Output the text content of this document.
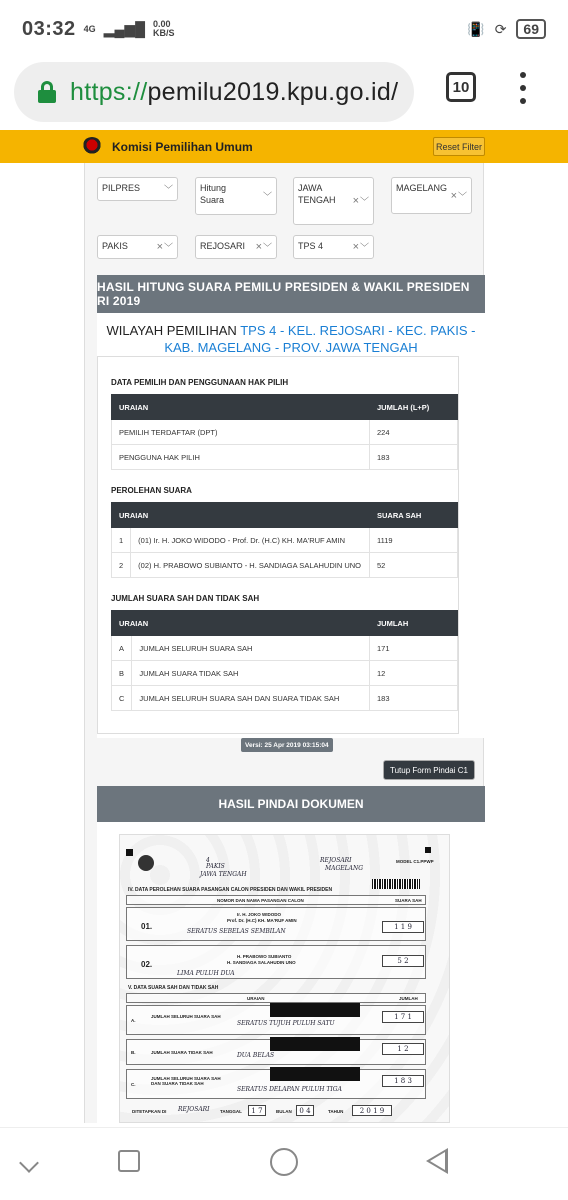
03:32 4G ▂▄▆█ 0.00
KB/S	📳 ⟳	69
https://pemilu2019.kpu.go.id/	10
Komisi Pemilihan Umum	Reset Filter
PILPRES	﹀	Hitung Suara	﹀
JAWA TENGAH	× ﹀
MAGELANG
× ﹀
PAKIS	× ﹀	REJOSARI × ﹀	TPS 4	× ﹀
HASIL HITUNG SUARA PEMILU PRESIDEN & WAKIL PRESIDEN RI 2019
WILAYAH PEMILIHAN TPS 4 - KEL. REJOSARI - KEC. PAKIS -
KAB. MAGELANG - PROV. JAWA TENGAH
DATA PEMILIH DAN PENGGUNAAN HAK PILIH
URAIAN	JUMLAH (L+P)
PEMILIH TERDAFTAR (DPT)	224
PENGGUNA HAK PILIH	183
PEROLEHAN SUARA
URAIAN		SUARA SAH
1	(01) Ir. H. JOKO WIDODO - Prof. Dr. (H.C) KH. MA'RUF AMIN	1119
2	(02) H. PRABOWO SUBIANTO - H. SANDIAGA SALAHUDIN UNO	52
JUMLAH SUARA SAH DAN TIDAK SAH
URAIAN		JUMLAH
A	JUMLAH SELURUH SUARA SAH	171
B	JUMLAH SUARA TIDAK SAH	12
C	JUMLAH SELURUH SUARA SAH DAN SUARA TIDAK SAH	183
Versi: 25 Apr 2019 03:15:04
Tutup Form Pindai C1
HASIL PINDAI DOKUMEN
4
PAKIS
JAWA TENGAH
REJOSARI
MAGELANG
MODEL C1.PPWP
IV. DATA PEROLEHAN SUARA PASANGAN CALON PRESIDEN DAN WAKIL PRESIDEN
NOMOR DAN NAMA PASANGAN CALON	SUARA SAH
01.
Ir. H. JOKO WIDODO
Prof. Dr. (H.C) KH. MA'RUF AMIN
SERATUS SEBELAS SEMBILAN
1 1 9
02.
H. PRABOWO SUBIANTO
H. SANDIAGA SALAHUDIN UNO
LIMA PULUH DUA
5 2
V. DATA SUARA SAH DAN TIDAK SAH
URAIAN	JUMLAH
A.
JUMLAH SELURUH SUARA SAH
SERATUS TUJUH PULUH SATU
1 7 1
B.	JUMLAH SUARA TIDAK SAH	DUA BELAS
1 2
C.
JUMLAH SELURUH SUARA SAH DAN SUARA TIDAK SAH
SERATUS DELAPAN PULUH TIGA
1 8 3
DITETAPKAN DI REJOSARI TANGGAL	1 7	BULAN	0 4	TAHUN	2 0 1 9
